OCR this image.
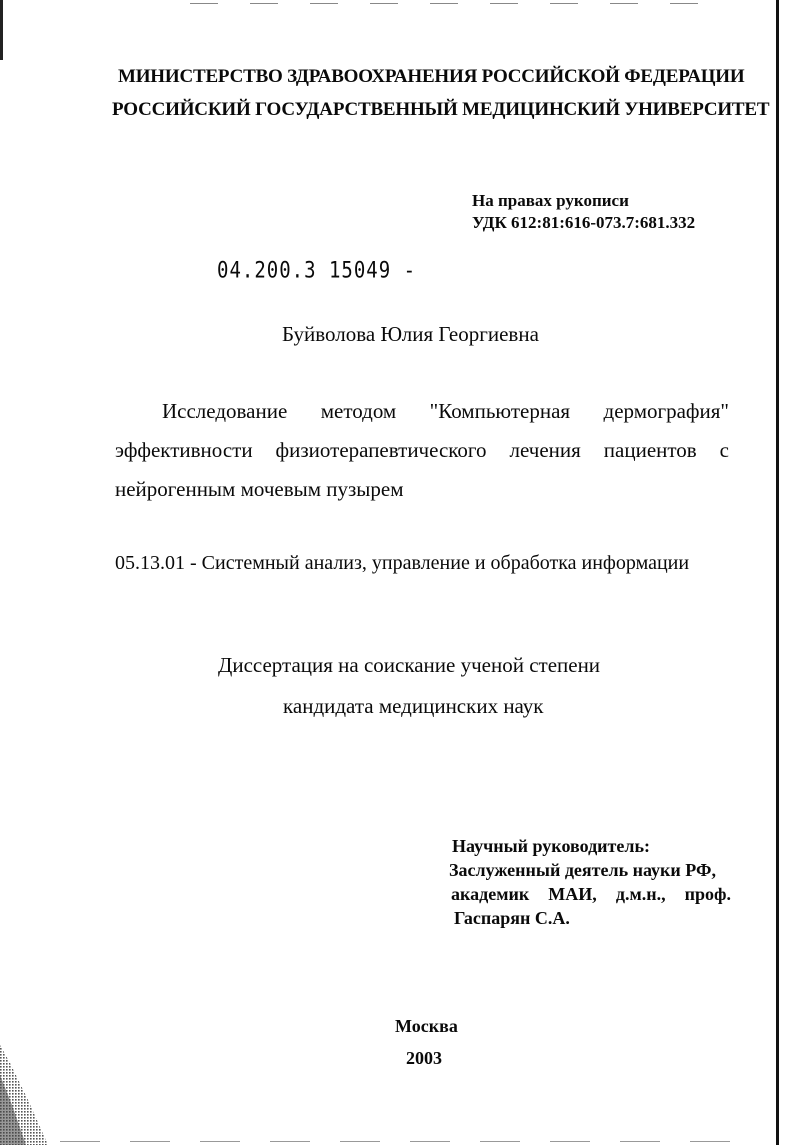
МИНИСТЕРСТВО ЗДРАВООХРАНЕНИЯ РОССИЙСКОЙ ФЕДЕРАЦИИ
РОССИЙСКИЙ ГОСУДАРСТВЕННЫЙ МЕДИЦИНСКИЙ УНИВЕРСИТЕТ
На правах рукописи
УДК 612:81:616-073.7:681.332
04.200.3 15049 -
Буйволова Юлия Георгиевна
Исследование методом "Компьютерная дермография" эффективности физиотерапевтического лечения пациентов с нейрогенным мочевым пузырем
05.13.01 - Системный анализ, управление и обработка информации
Диссертация на соискание ученой степени
кандидата медицинских наук
Научный руководитель:
Заслуженный деятель науки РФ,
академик МАИ, д.м.н., проф.
Гаспарян С.А.
Москва
2003
